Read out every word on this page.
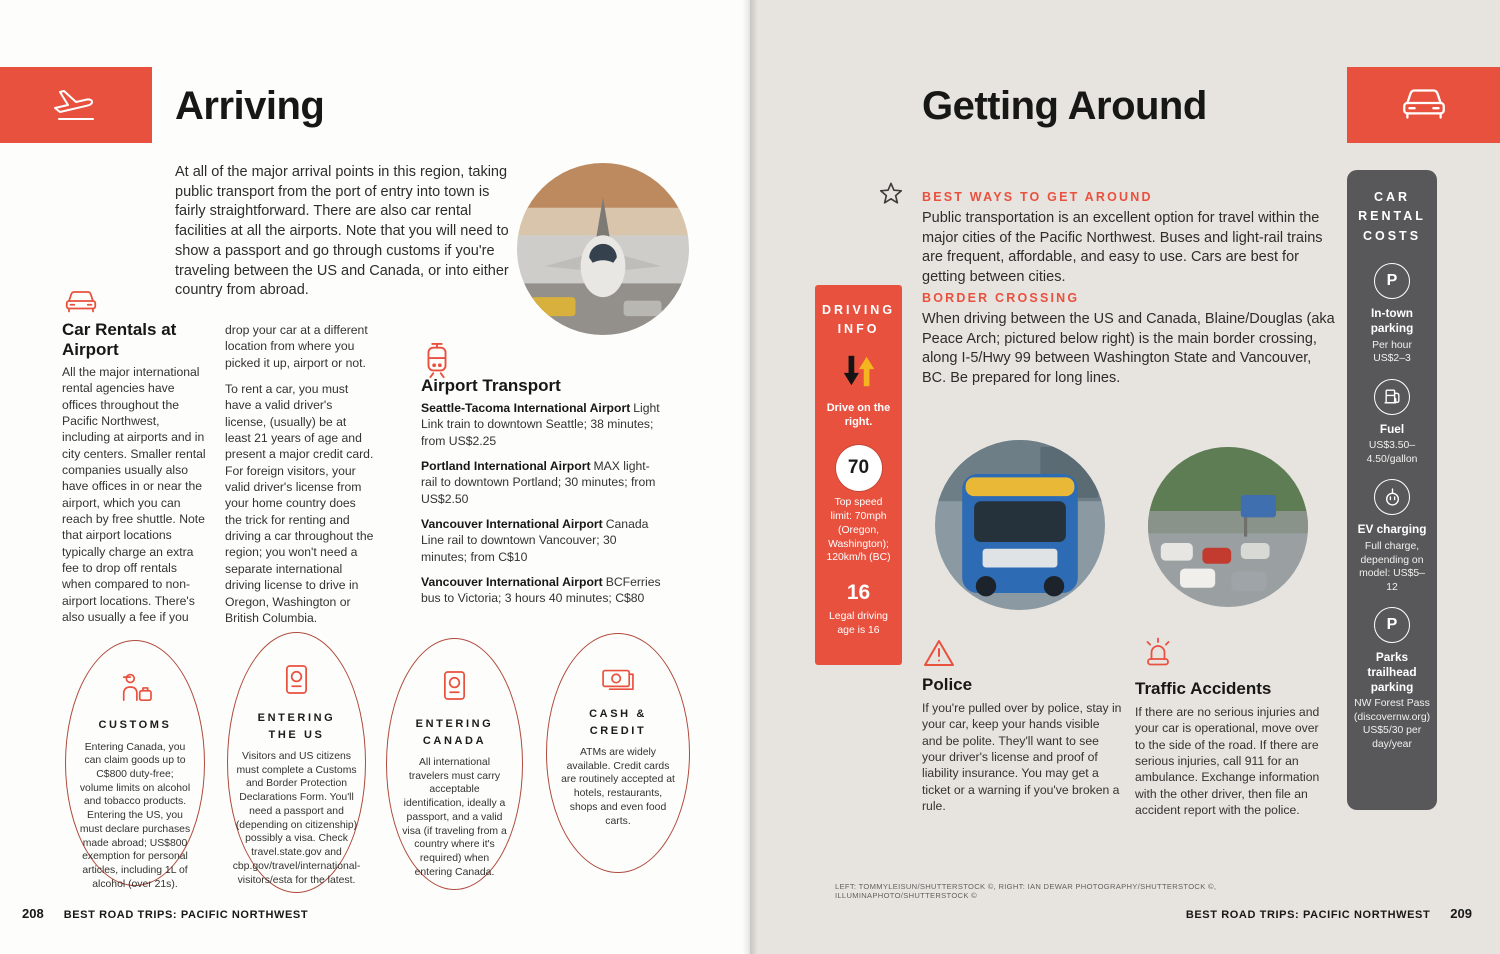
Arriving

At all of the major arrival points in this region, taking public transport from the port of entry into town is fairly straightforward. There are also car rental facilities at all the airports. Note that you will need to show a passport and go through customs if you're traveling between the US and Canada, or into either country from abroad.

Car Rentals at Airport

All the major international rental agencies have offices throughout the Pacific Northwest, including at airports and in city centers. Smaller rental companies usually also have offices in or near the airport, which you can reach by free shuttle. Note that airport locations typically charge an extra fee to drop off rentals when compared to non-airport locations. There's also usually a fee if you

drop your car at a different location from where you picked it up, airport or not.

To rent a car, you must have a valid driver's license, (usually) be at least 21 years of age and present a major credit card. For foreign visitors, your valid driver's license from your home country does the trick for renting and driving a car throughout the region; you won't need a separate international driving license to drive in Oregon, Washington or British Columbia.

Airport Transport

Seattle-Tacoma International Airport Light Link train to downtown Seattle; 38 minutes; from US$2.25

Portland International Airport MAX light-rail to downtown Portland; 30 minutes; from US$2.50

Vancouver International Airport Canada Line rail to downtown Vancouver; 30 minutes; from C$10

Vancouver International Airport BCFerries bus to Victoria; 3 hours 40 minutes; C$80

CUSTOMS
Entering Canada, you can claim goods up to C$800 duty-free; volume limits on alcohol and tobacco products. Entering the US, you must declare purchases made abroad; US$800 exemption for personal articles, including 1L of alcohol (over 21s).
ENTERING THE US
Visitors and US citizens must complete a Customs and Border Protection Declarations Form. You'll need a passport and (depending on citizenship) possibly a visa. Check travel.state.gov and cbp.gov/travel/international-visitors/esta for the latest.
ENTERING CANADA
All international travelers must carry acceptable identification, ideally a passport, and a valid visa (if traveling from a country where it's required) when entering Canada.
CASH & CREDIT
ATMs are widely available. Credit cards are routinely accepted at hotels, restaurants, shops and even food carts.
208 BEST ROAD TRIPS: PACIFIC NORTHWEST
Getting Around
BEST WAYS TO GET AROUND

Public transportation is an excellent option for travel within the major cities of the Pacific Northwest. Buses and light-rail trains are frequent, affordable, and easy to use. Cars are best for getting between cities.

BORDER CROSSING

When driving between the US and Canada, Blaine/Douglas (aka Peace Arch; pictured below right) is the main border crossing, along I-5/Hwy 99 between Washington State and Vancouver, BC. Be prepared for long lines.

DRIVING INFO
Drive on the right.
70
Top speed limit: 70mph (Oregon, Washington); 120km/h (BC)
16
Legal driving age is 16
Police

If you're pulled over by police, stay in your car, keep your hands visible and be polite. They'll want to see your driver's license and proof of liability insurance. You may get a ticket or a warning if you've broken a rule.

Traffic Accidents

If there are no serious injuries and your car is operational, move over to the side of the road. If there are serious injuries, call 911 for an ambulance. Exchange information with the other driver, then file an accident report with the police.

CAR RENTAL COSTS
P
In-town parking
Per hour US$2–3
Fuel
US$3.50–4.50/gallon
EV charging
Full charge, depending on model: US$5–12
P
Parks trailhead parking
NW Forest Pass (discovernw.org) US$5/30 per day/year
LEFT: TOMMYLEISUN/SHUTTERSTOCK ©, RIGHT: IAN DEWAR PHOTOGRAPHY/SHUTTERSTOCK ©, ILLUMINAPHOTO/SHUTTERSTOCK ©
BEST ROAD TRIPS: PACIFIC NORTHWEST 209
